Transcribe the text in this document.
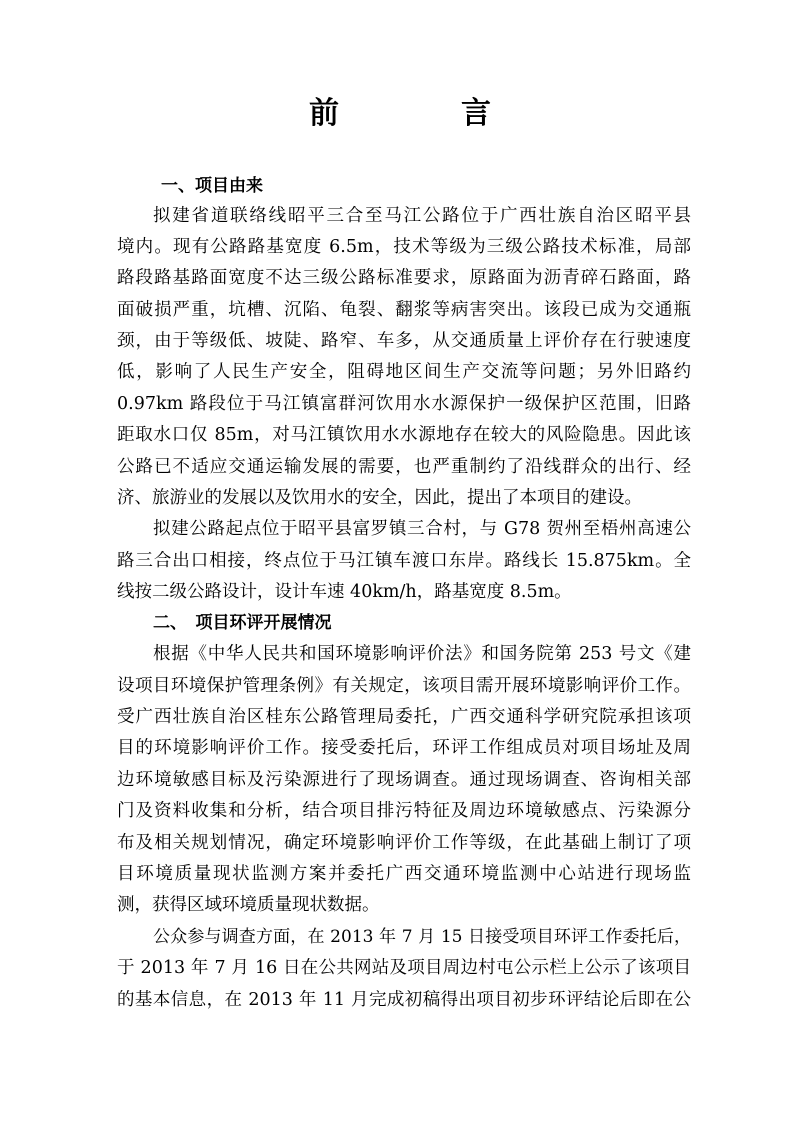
前　言
一、项目由来
拟建省道联络线昭平三合至马江公路位于广西壮族自治区昭平县
境内。现有公路路基宽度 6.5m，技术等级为三级公路技术标准，局部
路段路基路面宽度不达三级公路标准要求，原路面为沥青碎石路面，路
面破损严重，坑槽、沉陷、龟裂、翻浆等病害突出。该段已成为交通瓶
颈，由于等级低、坡陡、路窄、车多，从交通质量上评价存在行驶速度
低，影响了人民生产安全，阻碍地区间生产交流等问题；另外旧路约
0.97km 路段位于马江镇富群河饮用水水源保护一级保护区范围，旧路
距取水口仅 85m，对马江镇饮用水水源地存在较大的风险隐患。因此该
公路已不适应交通运输发展的需要，也严重制约了沿线群众的出行、经
济、旅游业的发展以及饮用水的安全，因此，提出了本项目的建设。
拟建公路起点位于昭平县富罗镇三合村，与 G78 贺州至梧州高速公
路三合出口相接，终点位于马江镇车渡口东岸。路线长 15.875km。全
线按二级公路设计，设计车速 40km/h，路基宽度 8.5m。
二、　项目环评开展情况
根据《中华人民共和国环境影响评价法》和国务院第 253 号文《建
设项目环境保护管理条例》有关规定，该项目需开展环境影响评价工作。
受广西壮族自治区桂东公路管理局委托，广西交通科学研究院承担该项
目的环境影响评价工作。接受委托后，环评工作组成员对项目场址及周
边环境敏感目标及污染源进行了现场调查。通过现场调查、咨询相关部
门及资料收集和分析，结合项目排污特征及周边环境敏感点、污染源分
布及相关规划情况，确定环境影响评价工作等级，在此基础上制订了项
目环境质量现状监测方案并委托广西交通环境监测中心站进行现场监
测，获得区域环境质量现状数据。
公众参与调查方面，在 2013 年 7 月 15 日接受项目环评工作委托后，
于 2013 年 7 月 16 日在公共网站及项目周边村屯公示栏上公示了该项目
的基本信息，在 2013 年 11 月完成初稿得出项目初步环评结论后即在公
